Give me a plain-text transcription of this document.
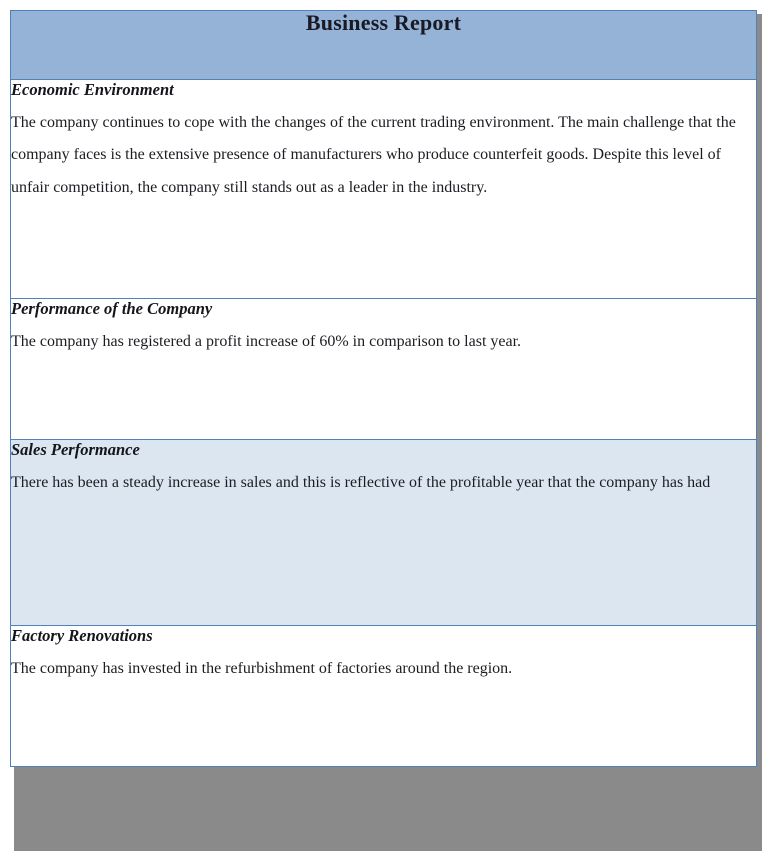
Business Report

Economic Environment

The company continues to cope with the changes of the current trading environment. The main challenge that the company faces is the extensive presence of manufacturers who produce counterfeit goods. Despite this level of unfair competition, the company still stands out as a leader in the industry.

Performance of the Company

The company has registered a profit increase of 60% in comparison to last year.

Sales Performance

There has been a steady increase in sales and this is reflective of the profitable year that the company has had

Factory Renovations

The company has invested in the refurbishment of factories around the region.
